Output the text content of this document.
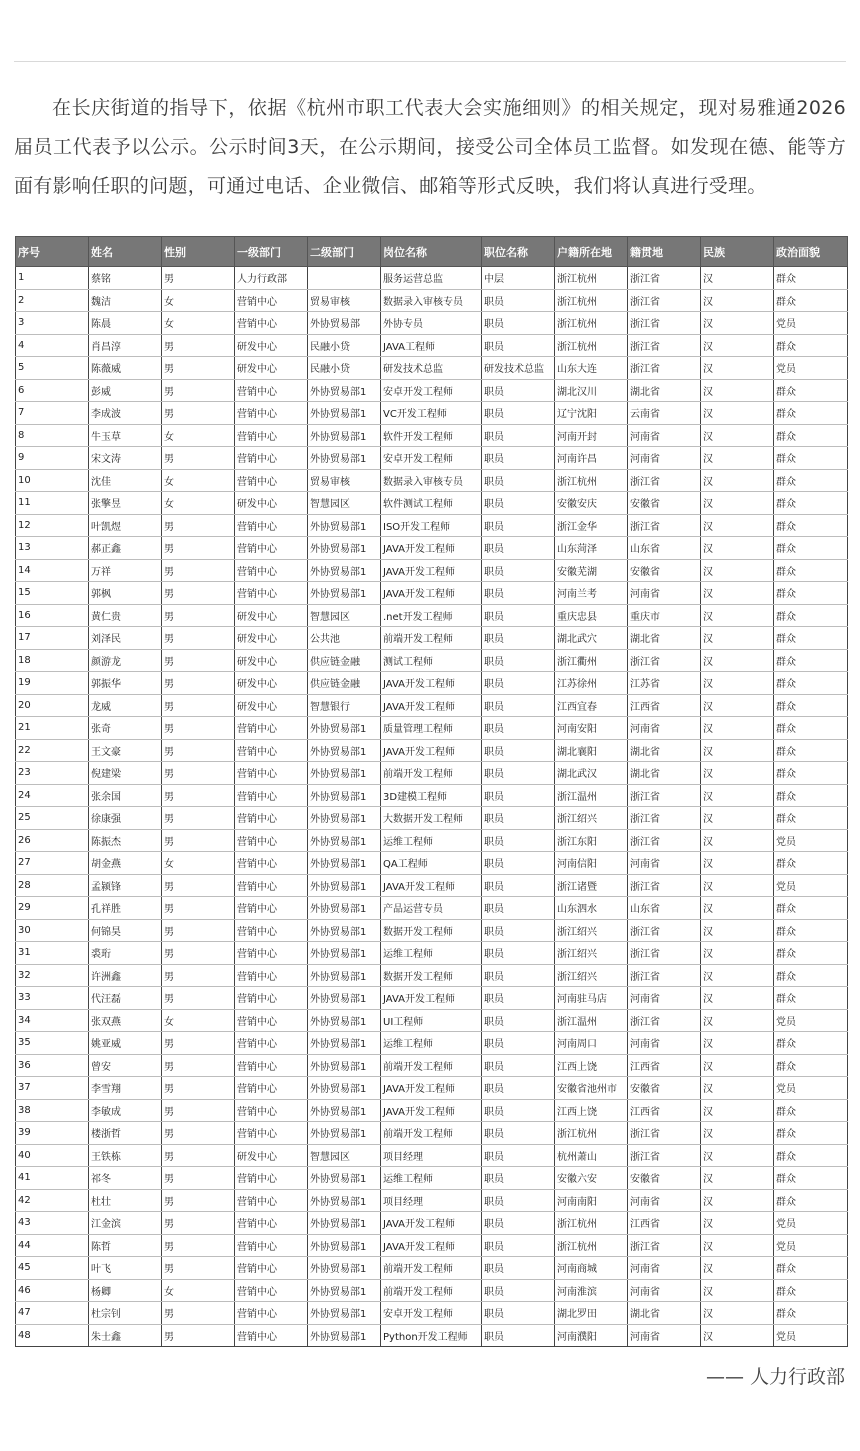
在长庆街道的指导下，依据《杭州市职工代表大会实施细则》的相关规定，现对易雅通2026届员工代表予以公示。公示时间3天，在公示期间，接受公司全体员工监督。如发现在德、能等方面有影响任职的问题，可通过电话、企业微信、邮箱等形式反映，我们将认真进行受理。

序号	姓名	性别	一级部门	二级部门	岗位名称	职位名称	户籍所在地	籍贯地	民族	政治面貌
1	蔡铭	男	人力行政部		服务运营总监	中层	浙江杭州	浙江省	汉	群众
2	魏洁	女	营销中心	贸易审核	数据录入审核专员	职员	浙江杭州	浙江省	汉	群众
3	陈晨	女	营销中心	外协贸易部	外协专员	职员	浙江杭州	浙江省	汉	党员
4	肖昌淳	男	研发中心	民融小贷	JAVA工程师	职员	浙江杭州	浙江省	汉	群众
5	陈薇威	男	研发中心	民融小贷	研发技术总监	研发技术总监	山东大连	浙江省	汉	党员
6	彭威	男	营销中心	外协贸易部1	安卓开发工程师	职员	湖北汉川	湖北省	汉	群众
7	李成波	男	营销中心	外协贸易部1	VC开发工程师	职员	辽宁沈阳	云南省	汉	群众
8	牛玉草	女	营销中心	外协贸易部1	软件开发工程师	职员	河南开封	河南省	汉	群众
9	宋文涛	男	营销中心	外协贸易部1	安卓开发工程师	职员	河南许昌	河南省	汉	群众
10	沈佳	女	营销中心	贸易审核	数据录入审核专员	职员	浙江杭州	浙江省	汉	群众
11	张擎昱	女	研发中心	智慧园区	软件测试工程师	职员	安徽安庆	安徽省	汉	群众
12	叶凯煜	男	营销中心	外协贸易部1	ISO开发工程师	职员	浙江金华	浙江省	汉	群众
13	郝正鑫	男	营销中心	外协贸易部1	JAVA开发工程师	职员	山东菏泽	山东省	汉	群众
14	万祥	男	营销中心	外协贸易部1	JAVA开发工程师	职员	安徽芜湖	安徽省	汉	群众
15	郭枫	男	营销中心	外协贸易部1	JAVA开发工程师	职员	河南兰考	河南省	汉	群众
16	黄仁贵	男	研发中心	智慧园区	.net开发工程师	职员	重庆忠县	重庆市	汉	群众
17	刘泽民	男	研发中心	公共池	前端开发工程师	职员	湖北武穴	湖北省	汉	群众
18	颜游龙	男	研发中心	供应链金融	测试工程师	职员	浙江衢州	浙江省	汉	群众
19	郭振华	男	研发中心	供应链金融	JAVA开发工程师	职员	江苏徐州	江苏省	汉	群众
20	龙威	男	研发中心	智慧银行	JAVA开发工程师	职员	江西宜春	江西省	汉	群众
21	张奇	男	营销中心	外协贸易部1	质量管理工程师	职员	河南安阳	河南省	汉	群众
22	王文豪	男	营销中心	外协贸易部1	JAVA开发工程师	职员	湖北襄阳	湖北省	汉	群众
23	倪建梁	男	营销中心	外协贸易部1	前端开发工程师	职员	湖北武汉	湖北省	汉	群众
24	张余国	男	营销中心	外协贸易部1	3D建模工程师	职员	浙江温州	浙江省	汉	群众
25	徐康强	男	营销中心	外协贸易部1	大数据开发工程师	职员	浙江绍兴	浙江省	汉	群众
26	陈振杰	男	营销中心	外协贸易部1	运维工程师	职员	浙江东阳	浙江省	汉	党员
27	胡金燕	女	营销中心	外协贸易部1	QA工程师	职员	河南信阳	河南省	汉	群众
28	孟颍锋	男	营销中心	外协贸易部1	JAVA开发工程师	职员	浙江诸暨	浙江省	汉	党员
29	孔祥胜	男	营销中心	外协贸易部1	产品运营专员	职员	山东泗水	山东省	汉	群众
30	何锦昊	男	营销中心	外协贸易部1	数据开发工程师	职员	浙江绍兴	浙江省	汉	群众
31	裘珩	男	营销中心	外协贸易部1	运维工程师	职员	浙江绍兴	浙江省	汉	群众
32	许洲鑫	男	营销中心	外协贸易部1	数据开发工程师	职员	浙江绍兴	浙江省	汉	群众
33	代汪磊	男	营销中心	外协贸易部1	JAVA开发工程师	职员	河南驻马店	河南省	汉	群众
34	张双燕	女	营销中心	外协贸易部1	UI工程师	职员	浙江温州	浙江省	汉	党员
35	姚亚威	男	营销中心	外协贸易部1	运维工程师	职员	河南周口	河南省	汉	群众
36	曾安	男	营销中心	外协贸易部1	前端开发工程师	职员	江西上饶	江西省	汉	群众
37	李雪翔	男	营销中心	外协贸易部1	JAVA开发工程师	职员	安徽省池州市	安徽省	汉	党员
38	李敏成	男	营销中心	外协贸易部1	JAVA开发工程师	职员	江西上饶	江西省	汉	群众
39	楼浙哲	男	营销中心	外协贸易部1	前端开发工程师	职员	浙江杭州	浙江省	汉	群众
40	王铁栋	男	研发中心	智慧园区	项目经理	职员	杭州萧山	浙江省	汉	群众
41	祁冬	男	营销中心	外协贸易部1	运维工程师	职员	安徽六安	安徽省	汉	群众
42	杜壮	男	营销中心	外协贸易部1	项目经理	职员	河南南阳	河南省	汉	群众
43	江金滨	男	营销中心	外协贸易部1	JAVA开发工程师	职员	浙江杭州	江西省	汉	党员
44	陈哲	男	营销中心	外协贸易部1	JAVA开发工程师	职员	浙江杭州	浙江省	汉	党员
45	叶飞	男	营销中心	外协贸易部1	前端开发工程师	职员	河南商城	河南省	汉	群众
46	杨卿	女	营销中心	外协贸易部1	前端开发工程师	职员	河南淮滨	河南省	汉	群众
47	杜宗钊	男	营销中心	外协贸易部1	安卓开发工程师	职员	湖北罗田	湖北省	汉	群众
48	朱士鑫	男	营销中心	外协贸易部1	Python开发工程师	职员	河南濮阳	河南省	汉	党员
—— 人力行政部
